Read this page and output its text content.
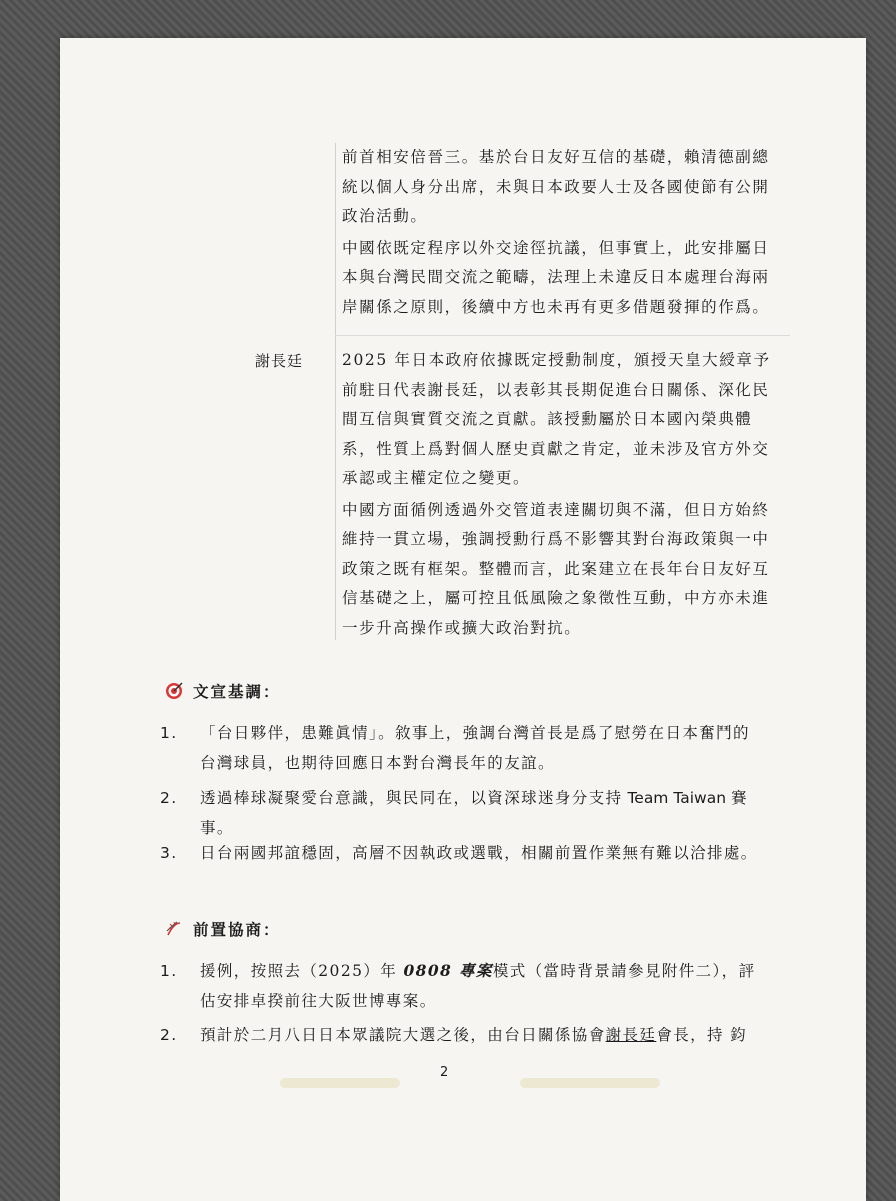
前首相安倍晉三。基於台日友好互信的基礎，賴清德副總統以個人身分出席，未與日本政要人士及各國使節有公開政治活動。

中國依既定程序以外交途徑抗議，但事實上，此安排屬日本與台灣民間交流之範疇，法理上未違反日本處理台海兩岸關係之原則，後續中方也未再有更多借題發揮的作爲。

謝長廷	2025 年日本政府依據既定授勳制度，頒授天皇大綬章予前駐日代表謝長廷，以表彰其長期促進台日關係、深化民間互信與實質交流之貢獻。該授勳屬於日本國內榮典體系，性質上爲對個人歷史貢獻之肯定，並未涉及官方外交承認或主權定位之變更。

中國方面循例透過外交管道表達關切與不滿，但日方始終維持一貫立場，強調授勳行爲不影響其對台海政策與一中政策之既有框架。整體而言，此案建立在長年台日友好互信基礎之上，屬可控且低風險之象徵性互動，中方亦未進一步升高操作或擴大政治對抗。

文宣基調：
1.	「台日夥伴，患難眞情」。敘事上，強調台灣首長是爲了慰勞在日本奮鬥的台灣球員，也期待回應日本對台灣長年的友誼。
2.	透過棒球凝聚愛台意識，與民同在，以資深球迷身分支持 Team Taiwan 賽事。
3.	日台兩國邦誼穩固，高層不因執政或選戰，相關前置作業無有難以洽排處。
前置協商：
1.	援例，按照去（2025）年 0808 專案模式（當時背景請參見附件二），評估安排卓揆前往大阪世博專案。
2.	預計於二月八日日本眾議院大選之後，由台日關係協會謝長廷會長，持 鈞
2
